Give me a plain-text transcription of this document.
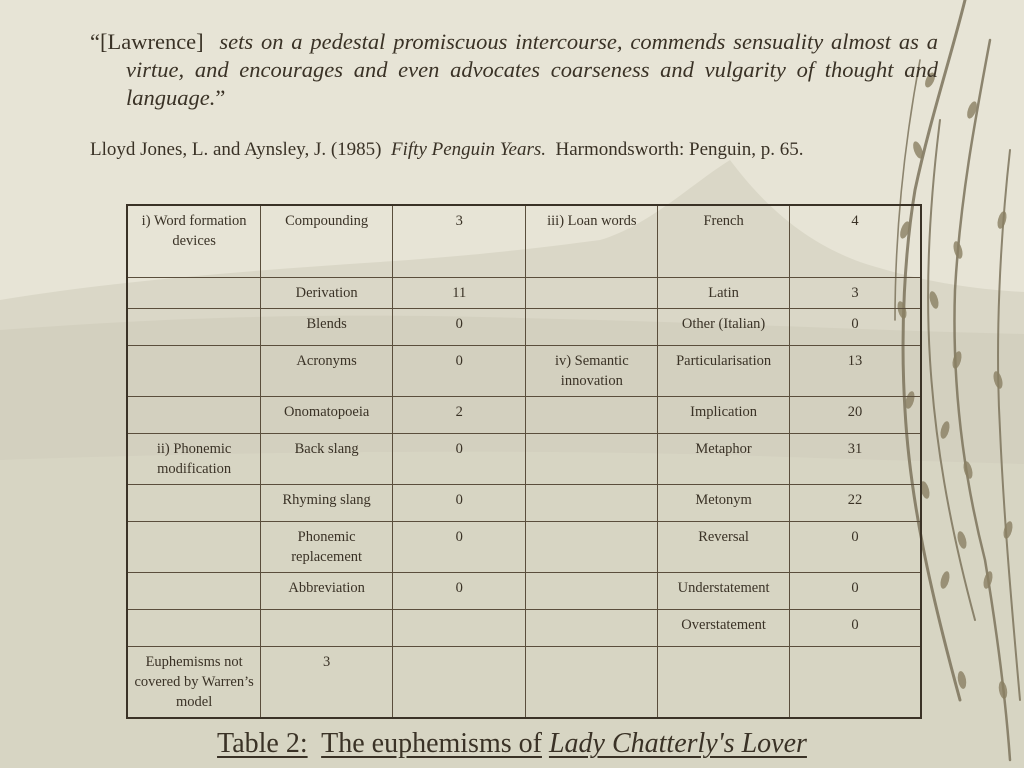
“[Lawrence] sets on a pedestal promiscuous intercourse, commends sensuality almost as a virtue, and encourages and even advocates coarseness and vulgarity of thought and language.”
Lloyd Jones, L. and Aynsley, J. (1985) Fifty Penguin Years. Harmondsworth: Penguin, p. 65.
i) Word formation devices	Compounding	3	iii) Loan words	French	4
	Derivation	11		Latin	3
	Blends	0		Other (Italian)	0
	Acronyms	0	iv) Semantic innovation	Particularisation	13
	Onomatopoeia	2		Implication	20
ii) Phonemic modification	Back slang	0		Metaphor	31
	Rhyming slang	0		Metonym	22
	Phonemic replacement	0		Reversal	0
	Abbreviation	0		Understatement	0
				Overstatement	0
Euphemisms not covered by Warren’s model	3				
Table 2: The euphemisms of Lady Chatterly's Lover
